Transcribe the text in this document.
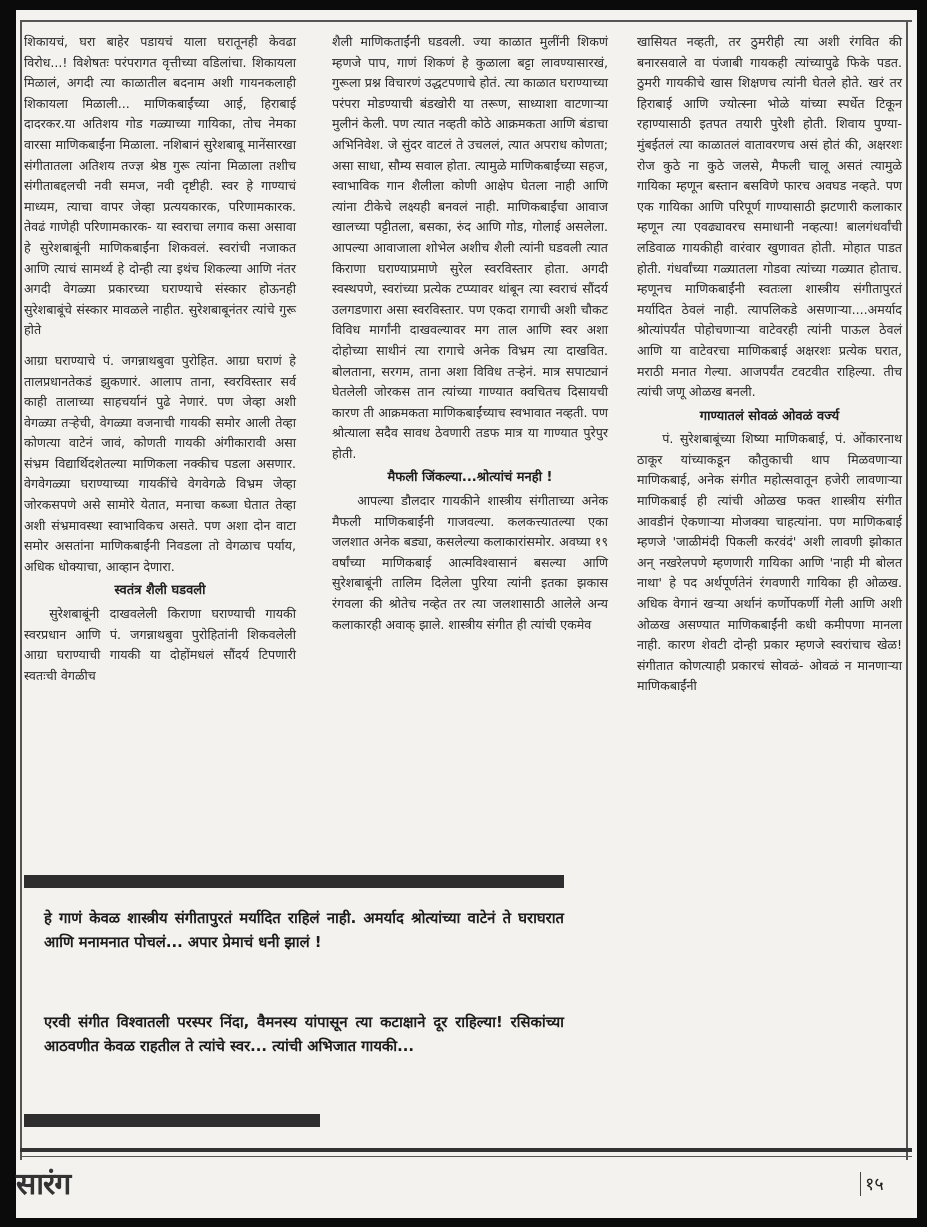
शिकायचं, घरा बाहेर पडायचं याला घरातूनही केवढा विरोध...! विशेषतः परंपरागत वृत्तीच्या वडिलांचा. शिकायला मिळालं, अगदी त्या काळातील बदनाम अशी गायनकलाही शिकायला मिळाली... माणिकबाईंच्या आई, हिराबाई दादरकर.या अतिशय गोड गळ्याच्या गायिका, तोच नेमका वारसा माणिकबाईंना मिळाला. नशिबानं सुरेशबाबू मानेंसारखा संगीतातला अतिशय तज्ज्ञ श्रेष्ठ गुरू त्यांना मिळाला तशीच संगीताबद्दलची नवी समज, नवी दृष्टीही. स्वर हे गाण्याचं माध्यम, त्याचा वापर जेव्हा प्रत्ययकारक, परिणामकारक. तेवढं गाणेही परिणामकारक- या स्वराचा लगाव कसा असावा हे सुरेशबाबूंनी माणिकबाईंना शिकवलं. स्वरांची नजाकत आणि त्याचं सामर्थ्य हे दोन्ही त्या इथंच शिकल्या आणि नंतर अगदी वेगळ्या प्रकारच्या घराण्याचे संस्कार होऊनही सुरेशबाबूंचे संस्कार मावळले नाहीत. सुरेशबाबूनंतर त्यांचे गुरू होते

आग्रा घराण्याचे पं. जगन्नाथबुवा पुरोहित. आग्रा घराणं हे तालप्रधानतेकडं झुकणारं. आलाप ताना, स्वरविस्तार सर्व काही तालाच्या साहचर्यानं पुढे नेणारं. पण जेव्हा अशी वेगळ्या तऱ्हेची, वेगळ्या वजनाची गायकी समोर आली तेव्हा कोणत्या वाटेनं जावं, कोणती गायकी अंगीकारावी असा संभ्रम विद्यार्थिदशेतल्या माणिकला नक्कीच पडला असणार. वेगवेगळ्या घराण्याच्या गायकींचे वेगवेगळे विभ्रम जेव्हा जोरकसपणे असे सामोरे येतात, मनाचा कब्जा घेतात तेव्हा अशी संभ्रमावस्था स्वाभाविकच असते. पण अशा दोन वाटा समोर असतांना माणिकबाईंनी निवडला तो वेगळाच पर्याय, अधिक धोक्याचा, आव्हान देणारा.

स्वतंत्र शैली घडवली

सुरेशबाबूंनी दाखवलेली किराणा घराण्याची गायकी स्वरप्रधान आणि पं. जगन्नाथबुवा पुरोहितांनी शिकवलेली आग्रा घराण्याची गायकी या दोहोंमधलं सौंदर्य टिपणारी स्वतःची वेगळीच

शैली माणिकताईंनी घडवली. ज्या काळात मुलींनी शिकणं म्हणजे पाप, गाणं शिकणं हे कुळाला बट्टा लावण्यासारखं, गुरूला प्रश्न विचारणं उद्धटपणाचे होतं. त्या काळात घराण्याच्या परंपरा मोडण्याची बंडखोरी या तरूण, साध्याशा वाटणाऱ्या मुलीनं केली. पण त्यात नव्हती कोठे आक्रमकता आणि बंडाचा अभिनिवेश. जे सुंदर वाटलं ते उचललं, त्यात अपराध कोणता; असा साधा, सौम्य सवाल होता. त्यामुळे माणिकबाईंच्या सहज, स्वाभाविक गान शैलीला कोणी आक्षेप घेतला नाही आणि त्यांना टीकेचे लक्ष्यही बनवलं नाही. माणिकबाईंचा आवाज खालच्या पट्टीतला, बसका, रुंद आणि गोड, गोलाई असलेला. आपल्या आवाजाला शोभेल अशीच शैली त्यांनी घडवली त्यात किराणा घराण्याप्रमाणे सुरेल स्वरविस्तार होता. अगदी स्वस्थपणे, स्वरांच्या प्रत्येक टप्प्यावर थांबून त्या स्वराचं सौंदर्य उलगडणारा असा स्वरविस्तार. पण एकदा रागाची अशी चौकट विविध मार्गांनी दाखवल्यावर मग ताल आणि स्वर अशा दोहोच्या साथीनं त्या रागाचे अनेक विभ्रम त्या दाखवित. बोलताना, सरगम, ताना अशा विविध तऱ्हेनं. मात्र सपाट्यानं घेतलेली जोरकस तान त्यांच्या गाण्यात क्वचितच दिसायची कारण ती आक्रमकता माणिकबाईंच्याच स्वभावात नव्हती. पण श्रोत्याला सदैव सावध ठेवणारी तडफ मात्र या गाण्यात पुरेपुर होती.

मैफली जिंकल्या...श्रोत्यांचं मनही !

आपल्या डौलदार गायकीने शास्त्रीय संगीताच्या अनेक मैफली माणिकबाईंनी गाजवल्या. कलकत्त्यातल्या एका जलशात अनेक बड्या, कसलेल्या कलाकारांसमोर. अवघ्या १९ वर्षांच्या माणिकबाई आत्मविश्वासानं बसल्या आणि सुरेशबाबूंनी तालिम दिलेला पुरिया त्यांनी इतका झकास रंगवला की श्रोतेच नव्हेत तर त्या जलशासाठी आलेले अन्य कलाकारही अवाक् झाले. शास्त्रीय संगीत ही त्यांची एकमेव

खासियत नव्हती, तर ठुमरीही त्या अशी रंगवित की बनारसवाले वा पंजाबी गायकही त्यांच्यापुढे फिके पडत. ठुमरी गायकीचे खास शिक्षणच त्यांनी घेतले होते. खरं तर हिराबाई आणि ज्योत्स्ना भोळे यांच्या स्पर्धेत टिकून रहाण्यासाठी इतपत तयारी पुरेशी होती. शिवाय पुण्या-मुंबईतलं त्या काळातलं वातावरणच असं होतं की, अक्षरशः रोज कुठे ना कुठे जलसे, मैफली चालू असतं त्यामुळे गायिका म्हणून बस्तान बसविणे फारच अवघड नव्हते. पण एक गायिका आणि परिपूर्ण गाण्यासाठी झटणारी कलाकार म्हणून त्या एवढ्यावरच समाधानी नव्हत्या! बालगंधर्वांची लडिवाळ गायकीही वारंवार खुणावत होती. मोहात पाडत होती. गंधर्वांच्या गळ्यातला गोडवा त्यांच्या गळ्यात होताच. म्हणूनच माणिकबाईंनी स्वतःला शास्त्रीय संगीतापुरतं मर्यादित ठेवलं नाही. त्यापलिकडे असणाऱ्या....अमर्याद श्रोत्यांपर्यंत पोहोचणाऱ्या वाटेवरही त्यांनी पाऊल ठेवलं आणि या वाटेवरचा माणिकबाई अक्षरशः प्रत्येक घरात, मराठी मनात गेल्या. आजपर्यंत टवटवीत राहिल्या. तीच त्यांची जणू ओळख बनली.

गाण्यातलं सोवळं ओवळं वर्ज्य

पं. सुरेशबाबूंच्या शिष्या माणिकबाई, पं. ओंकारनाथ ठाकूर यांच्याकडून कौतुकाची थाप मिळवणाऱ्या माणिकबाई, अनेक संगीत महोत्सवातून हजेरी लावणाऱ्या माणिकबाई ही त्यांची ओळख फक्त शास्त्रीय संगीत आवडीनं ऐकणाऱ्या मोजक्या चाहत्यांना. पण माणिकबाई म्हणजे 'जाळीमंदी पिकली करवंदं' अशी लावणी झोकात अन् नखरेलपणे म्हणणारी गायिका आणि 'नाही मी बोलत नाथा' हे पद अर्थपूर्णतेनं रंगवणारी गायिका ही ओळख. अधिक वेगानं खऱ्या अर्थानं कर्णोपकर्णी गेली आणि अशी ओळख असण्यात माणिकबाईंनी कधी कमीपणा मानला नाही. कारण शेवटी दोन्ही प्रकार म्हणजे स्वरांचाच खेळ! संगीतात कोणत्याही प्रकारचं सोवळं- ओवळं न मानणाऱ्या माणिकबाईंनी

हे गाणं केवळ शास्त्रीय संगीतापुरतं मर्यादित राहिलं नाही. अमर्याद श्रोत्यांच्या वाटेनं ते घराघरात आणि मनामनात पोचलं... अपार प्रेमाचं धनी झालं !
एरवी संगीत विश्वातली परस्पर निंदा, वैमनस्य यांपासून त्या कटाक्षाने दूर राहिल्या! रसिकांच्या आठवणीत केवळ राहतील ते त्यांचे स्वर... त्यांची अभिजात गायकी...
सारंग	१५
